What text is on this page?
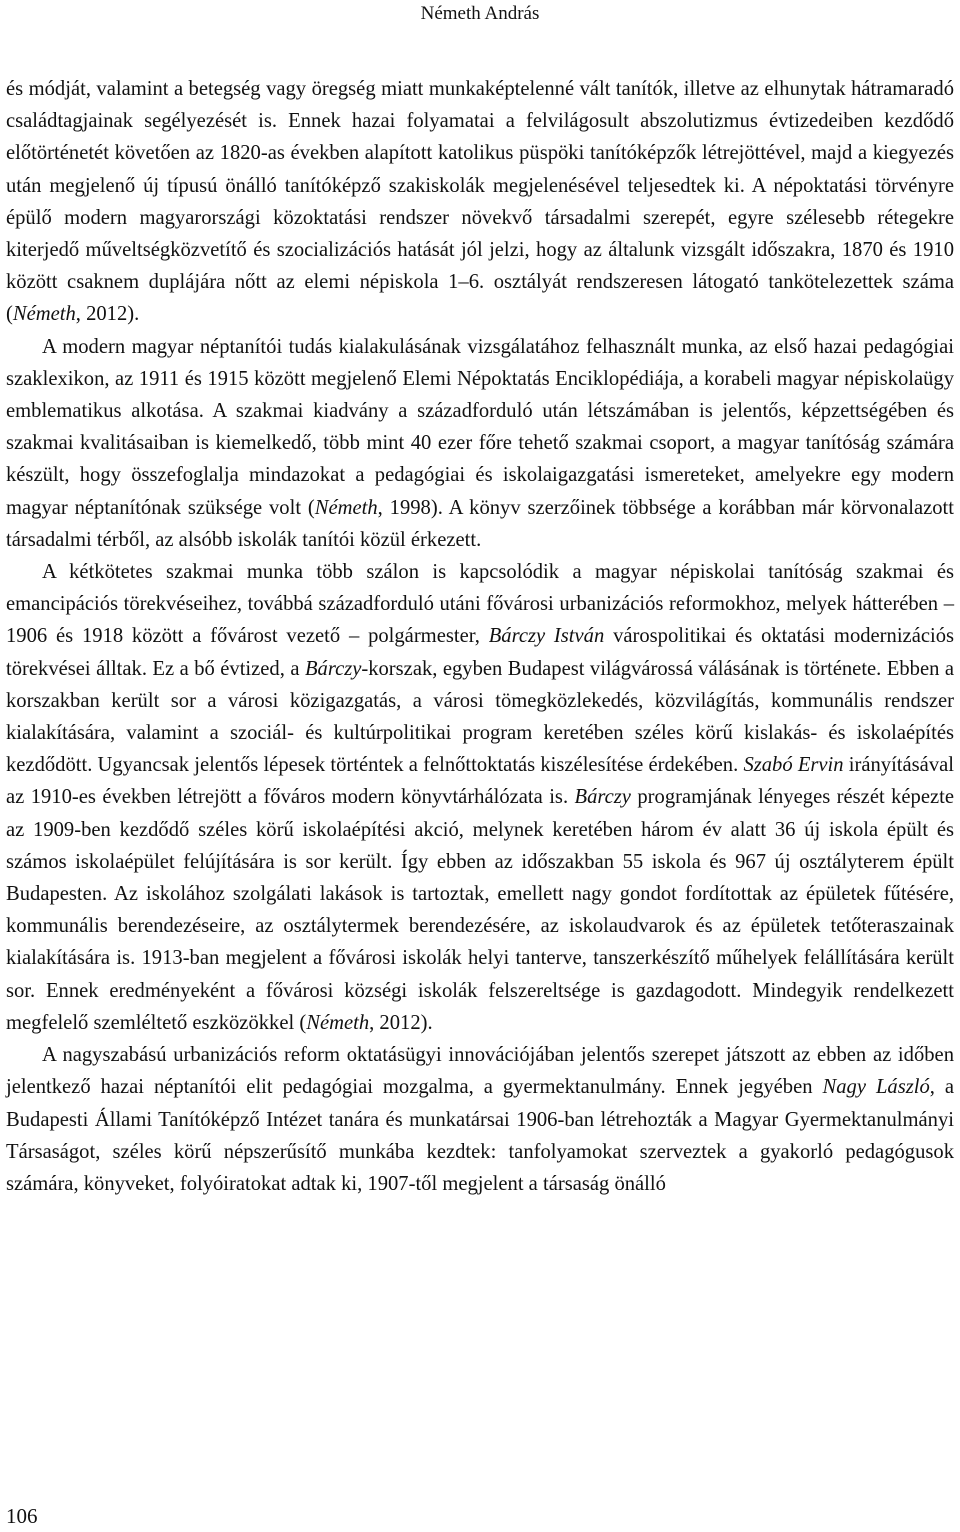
Németh András

és módját, valamint a betegség vagy öregség miatt munkaképtelenné vált tanítók, illetve az elhunytak hátramaradó családtagjainak segélyezését is. Ennek hazai folyamatai a felvilágosult abszolutizmus évtizedeiben kezdődő előtörténetét követően az 1820-as években alapított katolikus püspöki tanítóképzők létrejöttével, majd a kiegyezés után megjelenő új típusú önálló tanítóképző szakiskolák megjelenésével teljesedtek ki. A népoktatási törvényre épülő modern magyarországi közoktatási rendszer növekvő társadalmi szerepét, egyre szélesebb rétegekre kiterjedő műveltségközvetítő és szocializációs hatását jól jelzi, hogy az általunk vizsgált időszakra, 1870 és 1910 között csaknem duplájára nőtt az elemi népiskola 1–6. osztályát rendszeresen látogató tankötelezettek száma (Németh, 2012).

A modern magyar néptanítói tudás kialakulásának vizsgálatához felhasznált munka, az első hazai pedagógiai szaklexikon, az 1911 és 1915 között megjelenő Elemi Népoktatás Enciklopédiája, a korabeli magyar népiskolaügy emblematikus alkotása. A szakmai kiadvány a századforduló után létszámában is jelentős, képzettségében és szakmai kvalitásaiban is kiemelkedő, több mint 40 ezer főre tehető szakmai csoport, a magyar tanítóság számára készült, hogy összefoglalja mindazokat a pedagógiai és iskolaigazgatási ismereteket, amelyekre egy modern magyar néptanítónak szüksége volt (Németh, 1998). A könyv szerzőinek többsége a korábban már körvonalazott társadalmi térből, az alsóbb iskolák tanítói közül érkezett.

A kétkötetes szakmai munka több szálon is kapcsolódik a magyar népiskolai tanítóság szakmai és emancipációs törekvéseihez, továbbá századforduló utáni fővárosi urbanizációs reformokhoz, melyek hátterében – 1906 és 1918 között a fővárost vezető – polgármester, Bárczy István várospolitikai és oktatási modernizációs törekvései álltak. Ez a bő évtized, a Bárczy-korszak, egyben Budapest világvárossá válásának is története. Ebben a korszakban került sor a városi közigazgatás, a városi tömegközlekedés, közvilágítás, kommunális rendszer kialakítására, valamint a szociál- és kultúrpolitikai program keretében széles körű kislakás- és iskolaépítés kezdődött. Ugyancsak jelentős lépesek történtek a felnőttoktatás kiszélesítése érdekében. Szabó Ervin irányításával az 1910-es években létrejött a főváros modern könyvtárhálózata is. Bárczy programjának lényeges részét képezte az 1909-ben kezdődő széles körű iskolaépítési akció, melynek keretében három év alatt 36 új iskola épült és számos iskolaépület felújítására is sor került. Így ebben az időszakban 55 iskola és 967 új osztályterem épült Budapesten. Az iskolához szolgálati lakások is tartoztak, emellett nagy gondot fordítottak az épületek fűtésére, kommunális berendezéseire, az osztálytermek berendezésére, az iskolaudvarok és az épületek tetőteraszainak kialakítására is. 1913-ban megjelent a fővárosi iskolák helyi tanterve, tanszerkészítő műhelyek felállítására került sor. Ennek eredményeként a fővárosi községi iskolák felszereltsége is gazdagodott. Mindegyik rendelkezett megfelelő szemléltető eszközökkel (Németh, 2012).

A nagyszabású urbanizációs reform oktatásügyi innovációjában jelentős szerepet játszott az ebben az időben jelentkező hazai néptanítói elit pedagógiai mozgalma, a gyermektanulmány. Ennek jegyében Nagy László, a Budapesti Állami Tanítóképző Intézet tanára és munkatársai 1906-ban létrehozták a Magyar Gyermektanulmányi Társaságot, széles körű népszerűsítő munkába kezdtek: tanfolyamokat szerveztek a gyakorló pedagógusok számára, könyveket, folyóiratokat adtak ki, 1907-től megjelent a társaság önálló

106
